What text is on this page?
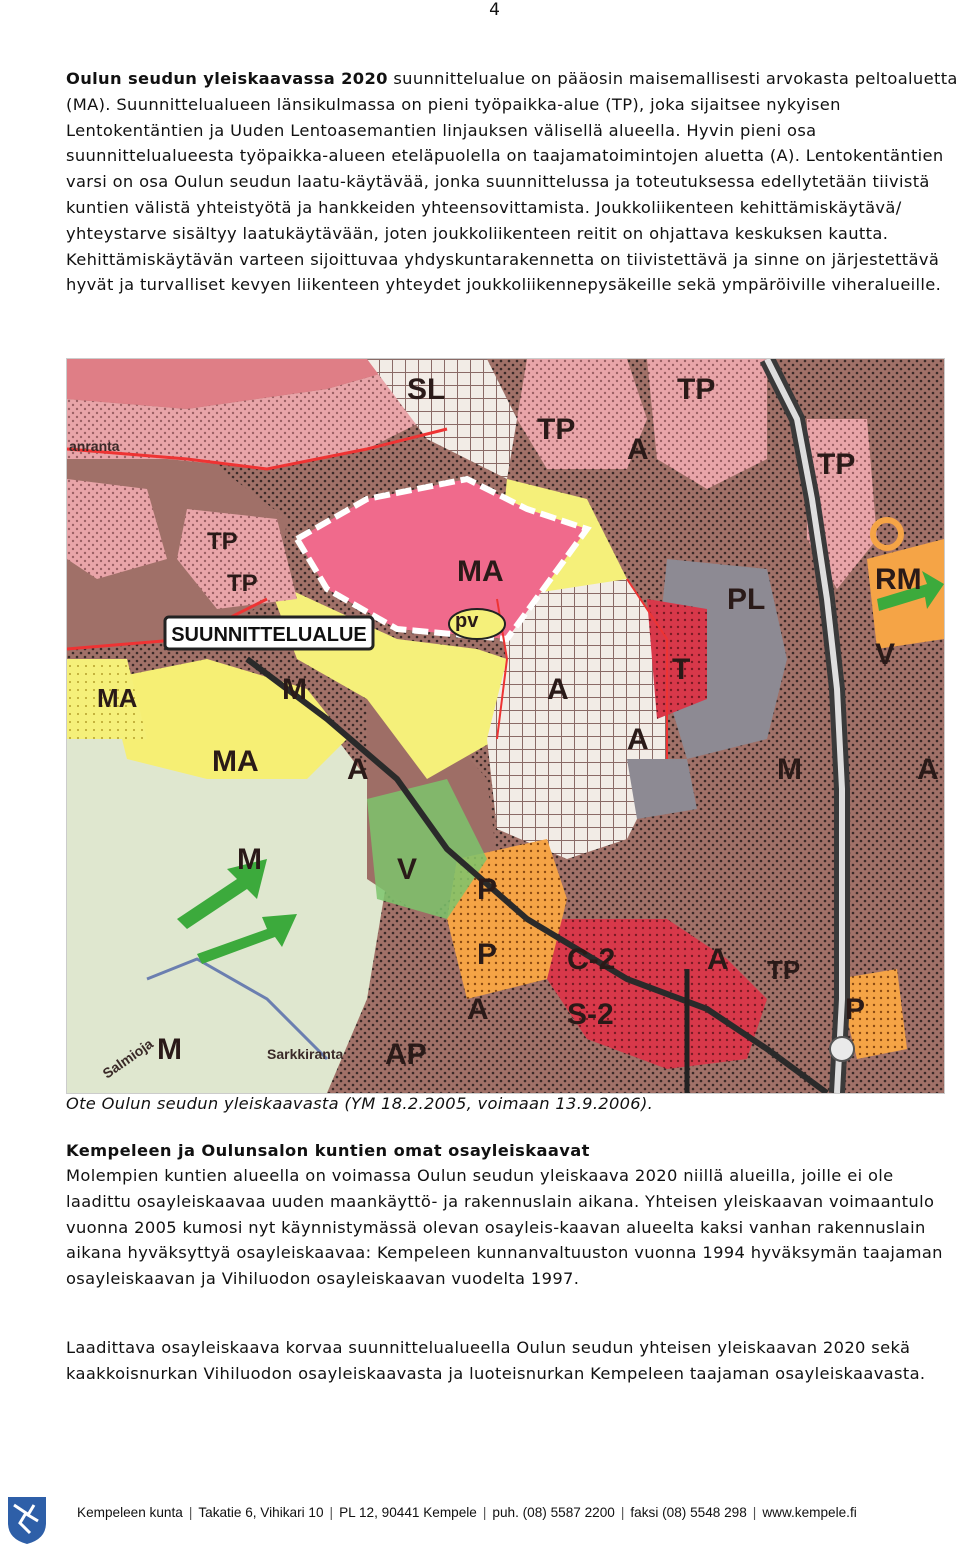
4
Oulun seudun yleiskaavassa 2020 suunnittelualue on pääosin maisemallisesti arvokasta peltoaluetta (MA). Suunnittelualueen länsikulmassa on pieni työpaikka-alue (TP), joka sijaitsee nykyisen Lentokentäntien ja Uuden Lentoasemantien linjauksen välisellä alueella. Hyvin pieni osa suunnittelualueesta työpaikka-alueen eteläpuolella on taajamatoimintojen aluetta (A). Lentokentäntien varsi on osa Oulun seudun laatu-käytävää, jonka suunnittelussa ja toteutuksessa edellytetään tiivistä kuntien välistä yhteistyötä ja hankkeiden yhteensovittamista. Joukkoliikenteen kehittämiskäytävä/ yhteystarve sisältyy laatukäytävään, joten joukkoliikenteen reitit on ohjattava keskuksen kautta. Kehittämiskäytävän varteen sijoittuvaa yhdyskuntarakennetta on tiivistettävä ja sinne on järjestettävä hyvät ja turvalliset kevyen liikenteen yhteydet joukkoliikennepysäkeille sekä ympäröiville viheralueille.
SUUNNITTELUALUE
MA
MA
MA
TP
TP
TP
TP
TP
TP
A
A
A
A
A
A
A
M
M
M
M
V
V
P
P
P
pv
RM
C-2
S-2
AP
T
SL
PL
Sarkkiranta
Salmioja
anranta
Ote Oulun seudun yleiskaavasta (YM 18.2.2005, voimaan 13.9.2006).
Kempeleen ja Oulunsalon kuntien omat osayleiskaavat
Molempien kuntien alueella on voimassa Oulun seudun yleiskaava 2020 niillä alueilla, joille ei ole laadittu osayleiskaavaa uuden maankäyttö- ja rakennuslain aikana. Yhteisen yleiskaavan voimaantulo vuonna 2005 kumosi nyt käynnistymässä olevan osayleis-kaavan alueelta kaksi vanhan rakennuslain aikana hyväksyttyä osayleiskaavaa: Kempeleen kunnanvaltuuston vuonna 1994 hyväksymän taajaman osayleiskaavan ja Vihiluodon osayleiskaavan vuodelta 1997.
Laadittava osayleiskaava korvaa suunnittelualueella Oulun seudun yhteisen yleiskaavan 2020 sekä kaakkoisnurkan Vihiluodon osayleiskaavasta ja luoteisnurkan Kempeleen taajaman osayleiskaavasta.
Kempeleen kunta | Takatie 6, Vihikari 10 | PL 12, 90441 Kempele | puh. (08) 5587 2200 | faksi (08) 5548 298 | www.kempele.fi
